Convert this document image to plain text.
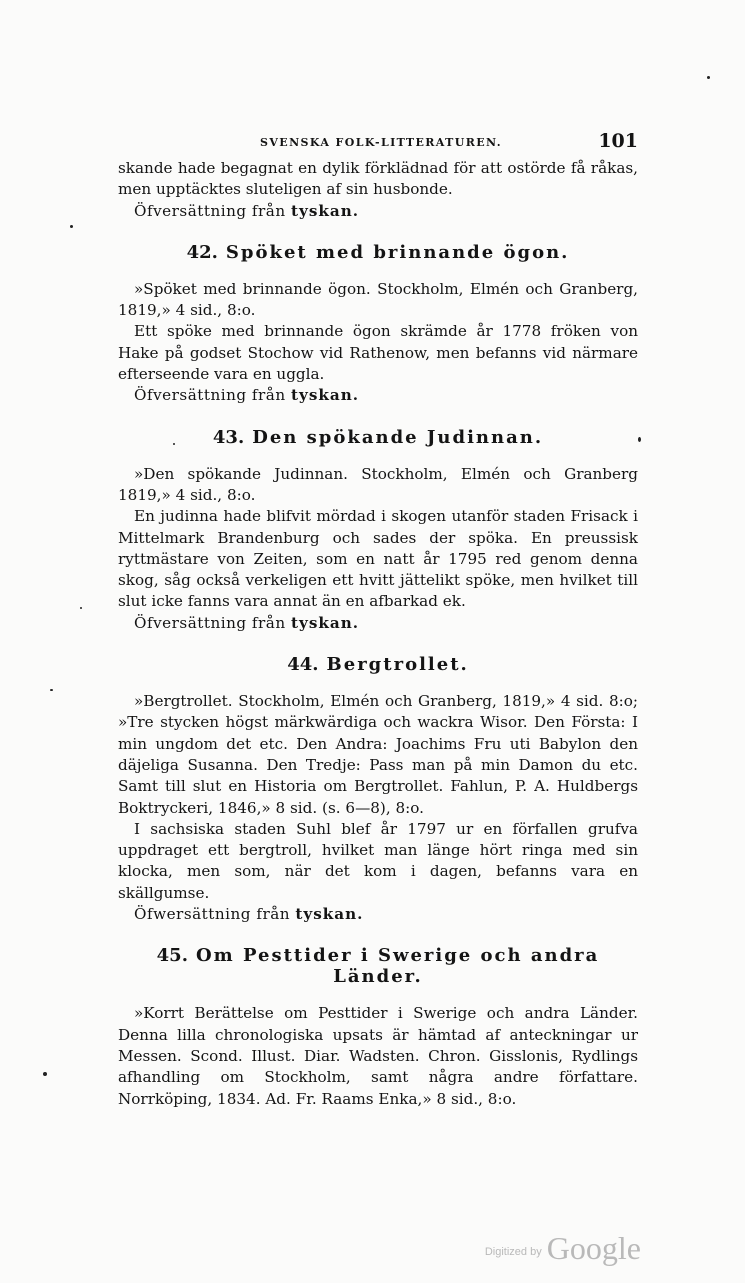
SVENSKA FOLK-LITTERATUREN.	101

skande hade begagnat en dylik förklädnad för att ostörde få råkas, men upptäcktes sluteligen af sin husbonde.

Öfversättning från tyskan.

42. Spöket med brinnande ögon.

»Spöket med brinnande ögon. Stockholm, Elmén och Granberg, 1819,» 4 sid., 8:o.

Ett spöke med brinnande ögon skrämde år 1778 fröken von Hake på godset Stochow vid Rathenow, men befanns vid närmare efterseende vara en uggla.

Öfversättning från tyskan.

43. Den spökande Judinnan.

»Den spökande Judinnan. Stockholm, Elmén och Granberg 1819,» 4 sid., 8:o.

En judinna hade blifvit mördad i skogen utanför staden Frisack i Mittelmark Brandenburg och sades der spöka. En preussisk ryttmästare von Zeiten, som en natt år 1795 red genom denna skog, såg också verkeligen ett hvitt jättelikt spöke, men hvilket till slut icke fanns vara annat än en afbarkad ek.

Öfversättning från tyskan.

44. Bergtrollet.

»Bergtrollet. Stockholm, Elmén och Granberg, 1819,» 4 sid. 8:o; »Tre stycken högst märkwärdiga och wackra Wisor. Den Första: I min ungdom det etc. Den Andra: Joachims Fru uti Babylon den däjeliga Susanna. Den Tredje: Pass man på min Damon du etc. Samt till slut en Historia om Bergtrollet. Fahlun, P. A. Huldbergs Boktryckeri, 1846,» 8 sid. (s. 6—8), 8:o.

I sachsiska staden Suhl blef år 1797 ur en förfallen grufva uppdraget ett bergtroll, hvilket man länge hört ringa med sin klocka, men som, när det kom i dagen, befanns vara en skällgumse.

Öfwersättning från tyskan.

45. Om Pesttider i Swerige och andra Länder.

»Korrt Berättelse om Pesttider i Swerige och andra Länder. Denna lilla chronologiska upsats är hämtad af anteckningar ur Messen. Scond. Illust. Diar. Wadsten. Chron. Gisslonis, Rydlings afhandling om Stockholm, samt några andre författare. Norrköping, 1834. Ad. Fr. Raams Enka,» 8 sid., 8:o.

$^{Digitized by}$ Google
